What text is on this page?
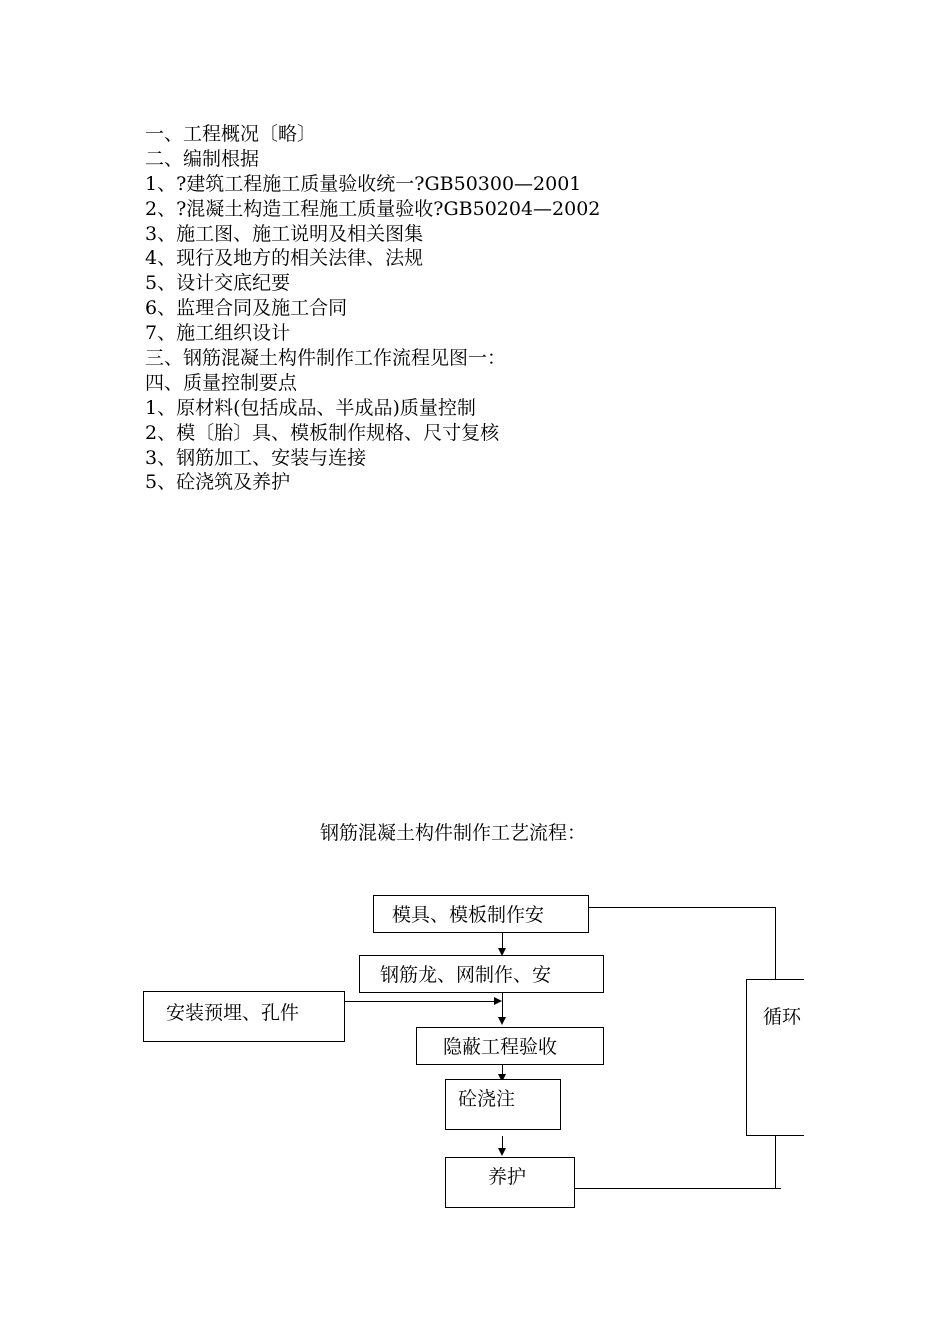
一、工程概况〔略〕
二、编制根据
1、?建筑工程施工质量验收统一?GB50300—2001
2、?混凝土构造工程施工质量验收?GB50204—2002
3、施工图、施工说明及相关图集
4、现行及地方的相关法律、法规
5、设计交底纪要
6、监理合同及施工合同
7、施工组织设计
三、钢筋混凝土构件制作工作流程见图一：
四、质量控制要点
1、原材料(包括成品、半成品)质量控制
2、模〔胎〕具、模板制作规格、尺寸复核
3、钢筋加工、安装与连接
5、砼浇筑及养护
钢筋混凝土构件制作工艺流程：
模具、模板制作安
钢筋龙、网制作、安
安装预埋、孔件
隐蔽工程验收
砼浇注
养护
循环
